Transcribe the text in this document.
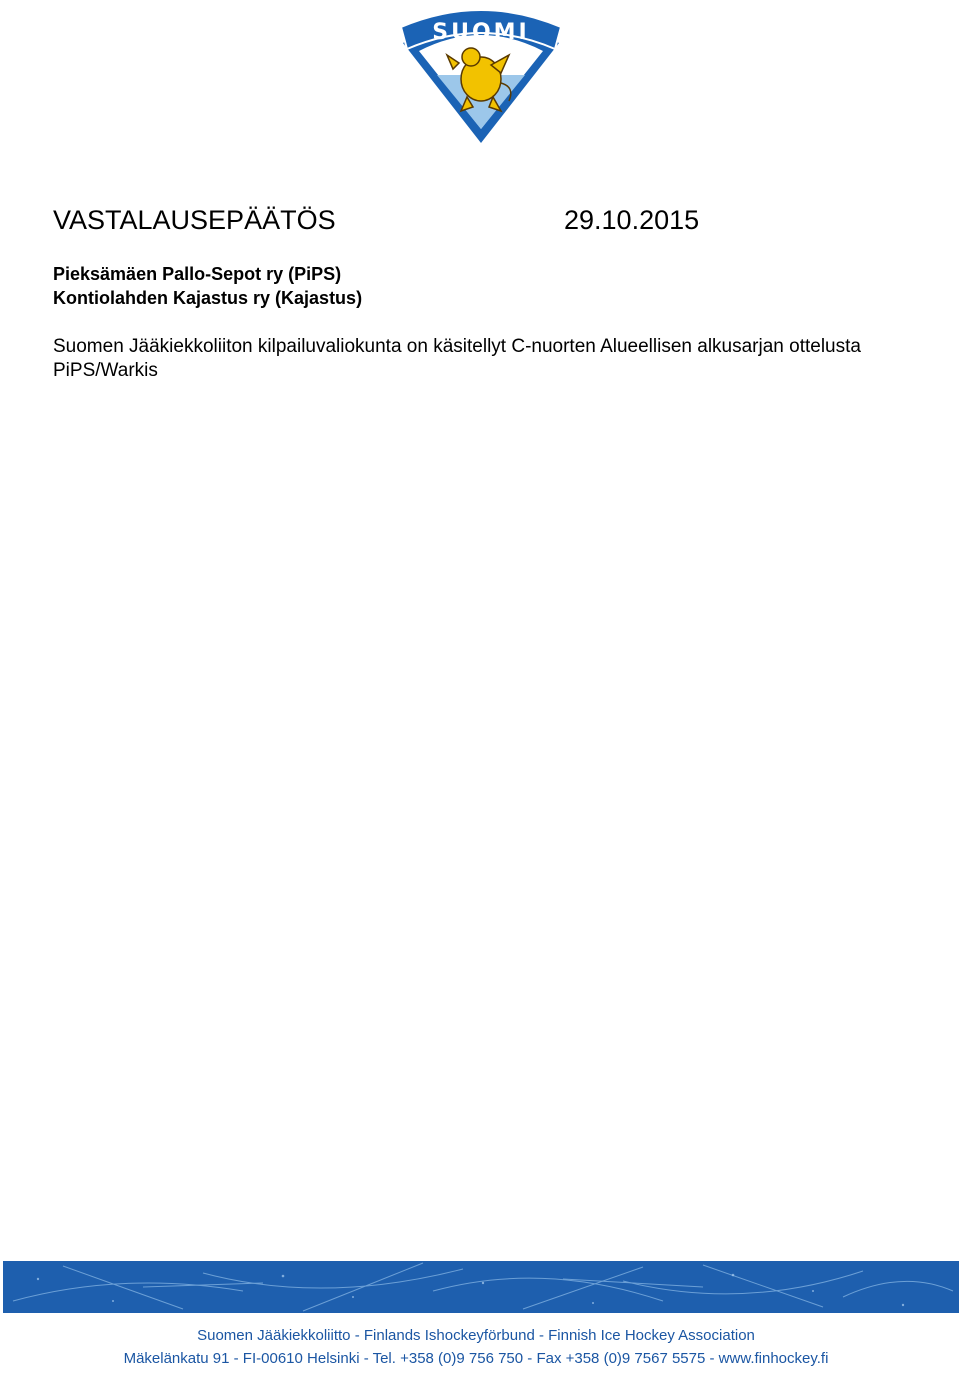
SUOMI
VASTALAUSEPÄÄTÖS	29.10.2015
Pieksämäen Pallo-Sepot ry (PiPS)
Kontiolahden Kajastus ry (Kajastus)
Suomen Jääkiekkoliiton kilpailuvaliokunta on käsitellyt C-nuorten Alueellisen alkusarjan ottelusta PiPS/Warkis
Suomen Jääkiekkoliitto - Finlands Ishockeyförbund - Finnish Ice Hockey Association
Mäkelänkatu 91 - FI-00610 Helsinki - Tel. +358 (0)9 756 750 - Fax +358 (0)9 7567 5575 - www.finhockey.fi
